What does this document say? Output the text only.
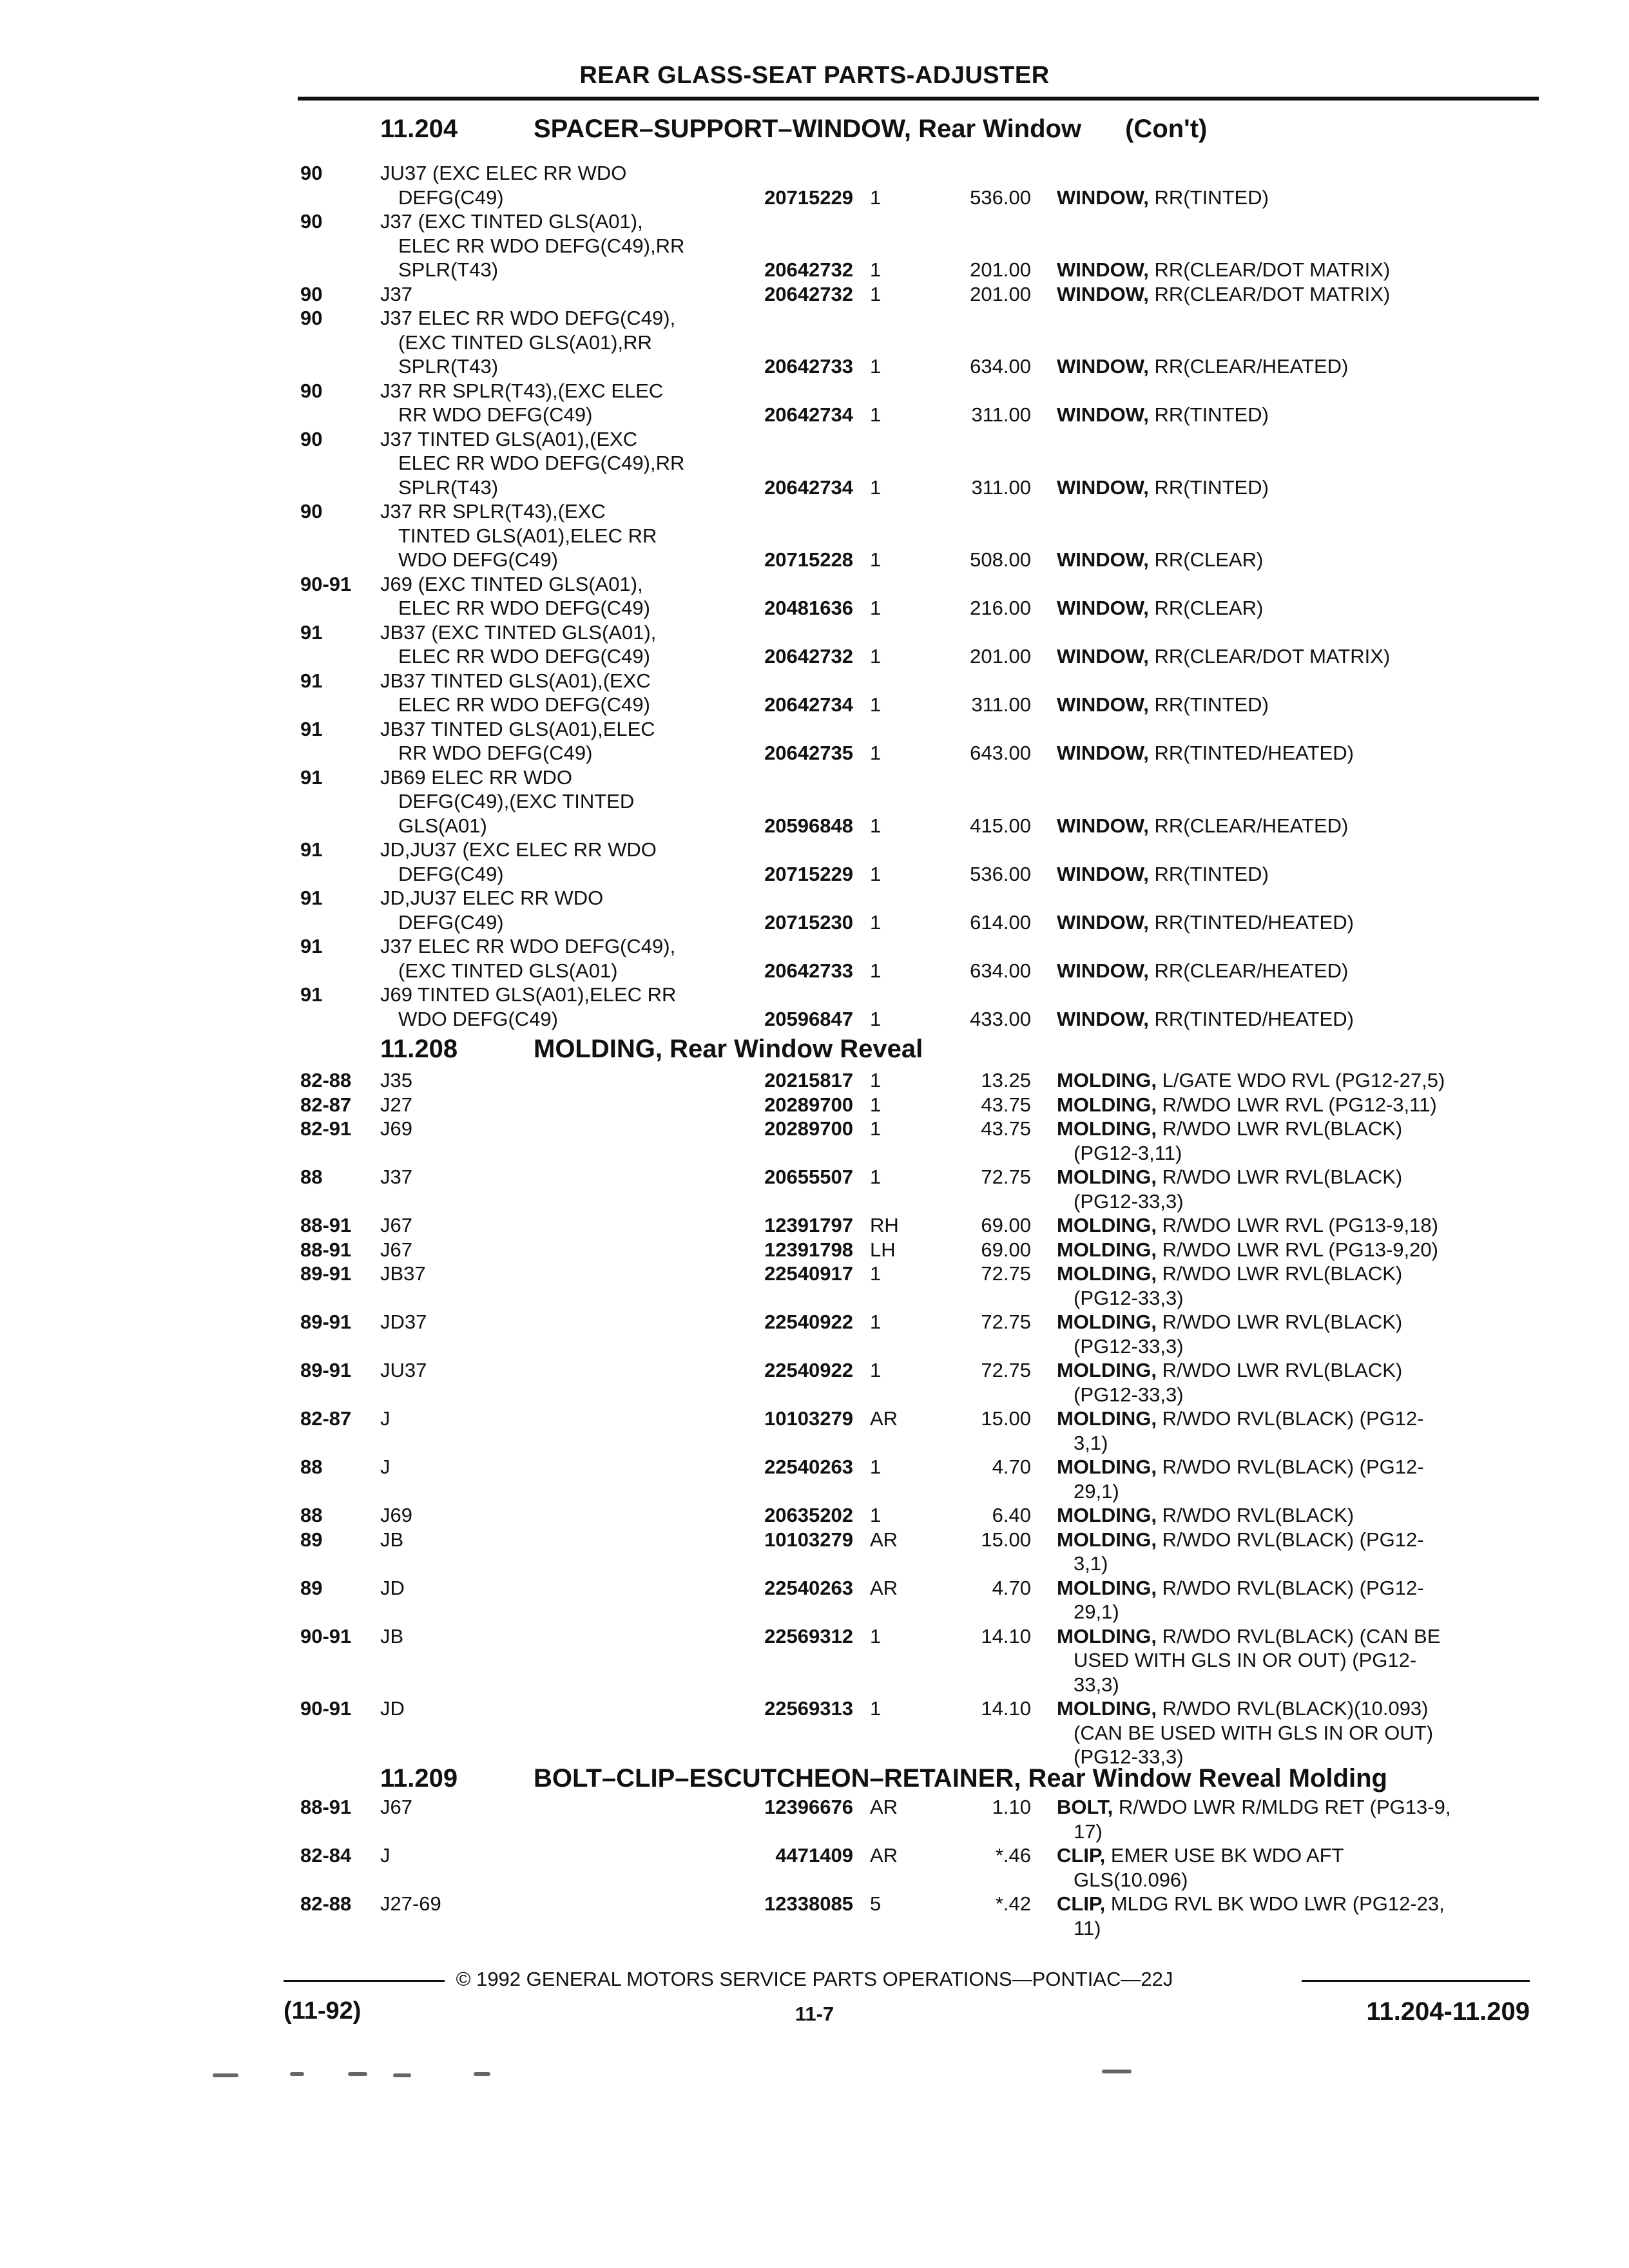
REAR GLASS-SEAT PARTS-ADJUSTER
11.204	SPACER–SUPPORT–WINDOW, Rear Window (Con't)
90	JU37 (EXC ELEC RR WDO
DEFG(C49)	20715229 1	536.00 WINDOW, RR(TINTED)
90	J37 (EXC TINTED GLS(A01),
ELEC RR WDO DEFG(C49),RR
SPLR(T43)	20642732 1	201.00 WINDOW, RR(CLEAR/DOT MATRIX)
90	J37	20642732 1	201.00 WINDOW, RR(CLEAR/DOT MATRIX)
90	J37 ELEC RR WDO DEFG(C49),
(EXC TINTED GLS(A01),RR
SPLR(T43)	20642733 1	634.00 WINDOW, RR(CLEAR/HEATED)
90	J37 RR SPLR(T43),(EXC ELEC
RR WDO DEFG(C49)	20642734 1	311.00 WINDOW, RR(TINTED)
90	J37 TINTED GLS(A01),(EXC
ELEC RR WDO DEFG(C49),RR
SPLR(T43)	20642734 1	311.00 WINDOW, RR(TINTED)
90	J37 RR SPLR(T43),(EXC
TINTED GLS(A01),ELEC RR
WDO DEFG(C49)	20715228 1	508.00 WINDOW, RR(CLEAR)
90-91	J69 (EXC TINTED GLS(A01),
ELEC RR WDO DEFG(C49)	20481636 1	216.00 WINDOW, RR(CLEAR)
91	JB37 (EXC TINTED GLS(A01),
ELEC RR WDO DEFG(C49)	20642732 1	201.00 WINDOW, RR(CLEAR/DOT MATRIX)
91	JB37 TINTED GLS(A01),(EXC
ELEC RR WDO DEFG(C49)	20642734 1	311.00 WINDOW, RR(TINTED)
91	JB37 TINTED GLS(A01),ELEC
RR WDO DEFG(C49)	20642735 1	643.00 WINDOW, RR(TINTED/HEATED)
91	JB69 ELEC RR WDO
DEFG(C49),(EXC TINTED
GLS(A01)	20596848 1	415.00 WINDOW, RR(CLEAR/HEATED)
91	JD,JU37 (EXC ELEC RR WDO
DEFG(C49)	20715229 1	536.00 WINDOW, RR(TINTED)
91	JD,JU37 ELEC RR WDO
DEFG(C49)	20715230 1	614.00 WINDOW, RR(TINTED/HEATED)
91	J37 ELEC RR WDO DEFG(C49),
(EXC TINTED GLS(A01)	20642733 1	634.00 WINDOW, RR(CLEAR/HEATED)
91	J69 TINTED GLS(A01),ELEC RR
WDO DEFG(C49)	20596847 1	433.00 WINDOW, RR(TINTED/HEATED)
11.208	MOLDING, Rear Window Reveal
82-88	J35	20215817 1	13.25 MOLDING, L/GATE WDO RVL (PG12-27,5)
82-87	J27	20289700 1	43.75 MOLDING, R/WDO LWR RVL (PG12-3,11)
82-91	J69	20289700 1	43.75 MOLDING, R/WDO LWR RVL(BLACK)
(PG12-3,11)
88	J37	20655507 1	72.75 MOLDING, R/WDO LWR RVL(BLACK)
(PG12-33,3)
88-91	J67	12391797 RH	69.00 MOLDING, R/WDO LWR RVL (PG13-9,18)
88-91	J67	12391798 LH	69.00 MOLDING, R/WDO LWR RVL (PG13-9,20)
89-91	JB37	22540917 1	72.75 MOLDING, R/WDO LWR RVL(BLACK)
(PG12-33,3)
89-91	JD37	22540922 1	72.75 MOLDING, R/WDO LWR RVL(BLACK)
(PG12-33,3)
89-91	JU37	22540922 1	72.75 MOLDING, R/WDO LWR RVL(BLACK)
(PG12-33,3)
82-87	J	10103279 AR	15.00 MOLDING, R/WDO RVL(BLACK) (PG12-
3,1)
88	J	22540263 1	4.70 MOLDING, R/WDO RVL(BLACK) (PG12-
29,1)
88	J69	20635202 1	6.40 MOLDING, R/WDO RVL(BLACK)
89	JB	10103279 AR	15.00 MOLDING, R/WDO RVL(BLACK) (PG12-
3,1)
89	JD	22540263 AR	4.70 MOLDING, R/WDO RVL(BLACK) (PG12-
29,1)
90-91	JB	22569312 1	14.10 MOLDING, R/WDO RVL(BLACK) (CAN BE
USED WITH GLS IN OR OUT) (PG12-
33,3)
90-91	JD	22569313 1	14.10 MOLDING, R/WDO RVL(BLACK)(10.093)
(CAN BE USED WITH GLS IN OR OUT)
(PG12-33,3)
11.209	BOLT–CLIP–ESCUTCHEON–RETAINER, Rear Window Reveal Molding
88-91	J67	12396676 AR	1.10 BOLT, R/WDO LWR R/MLDG RET (PG13-9,
17)
82-84	J	4471409 AR	*.46 CLIP, EMER USE BK WDO AFT
GLS(10.096)
82-88	J27-69	12338085 5	*.42 CLIP, MLDG RVL BK WDO LWR (PG12-23,
11)
© 1992 GENERAL MOTORS SERVICE PARTS OPERATIONS—PONTIAC—22J
(11-92)	11-7	11.204-11.209
